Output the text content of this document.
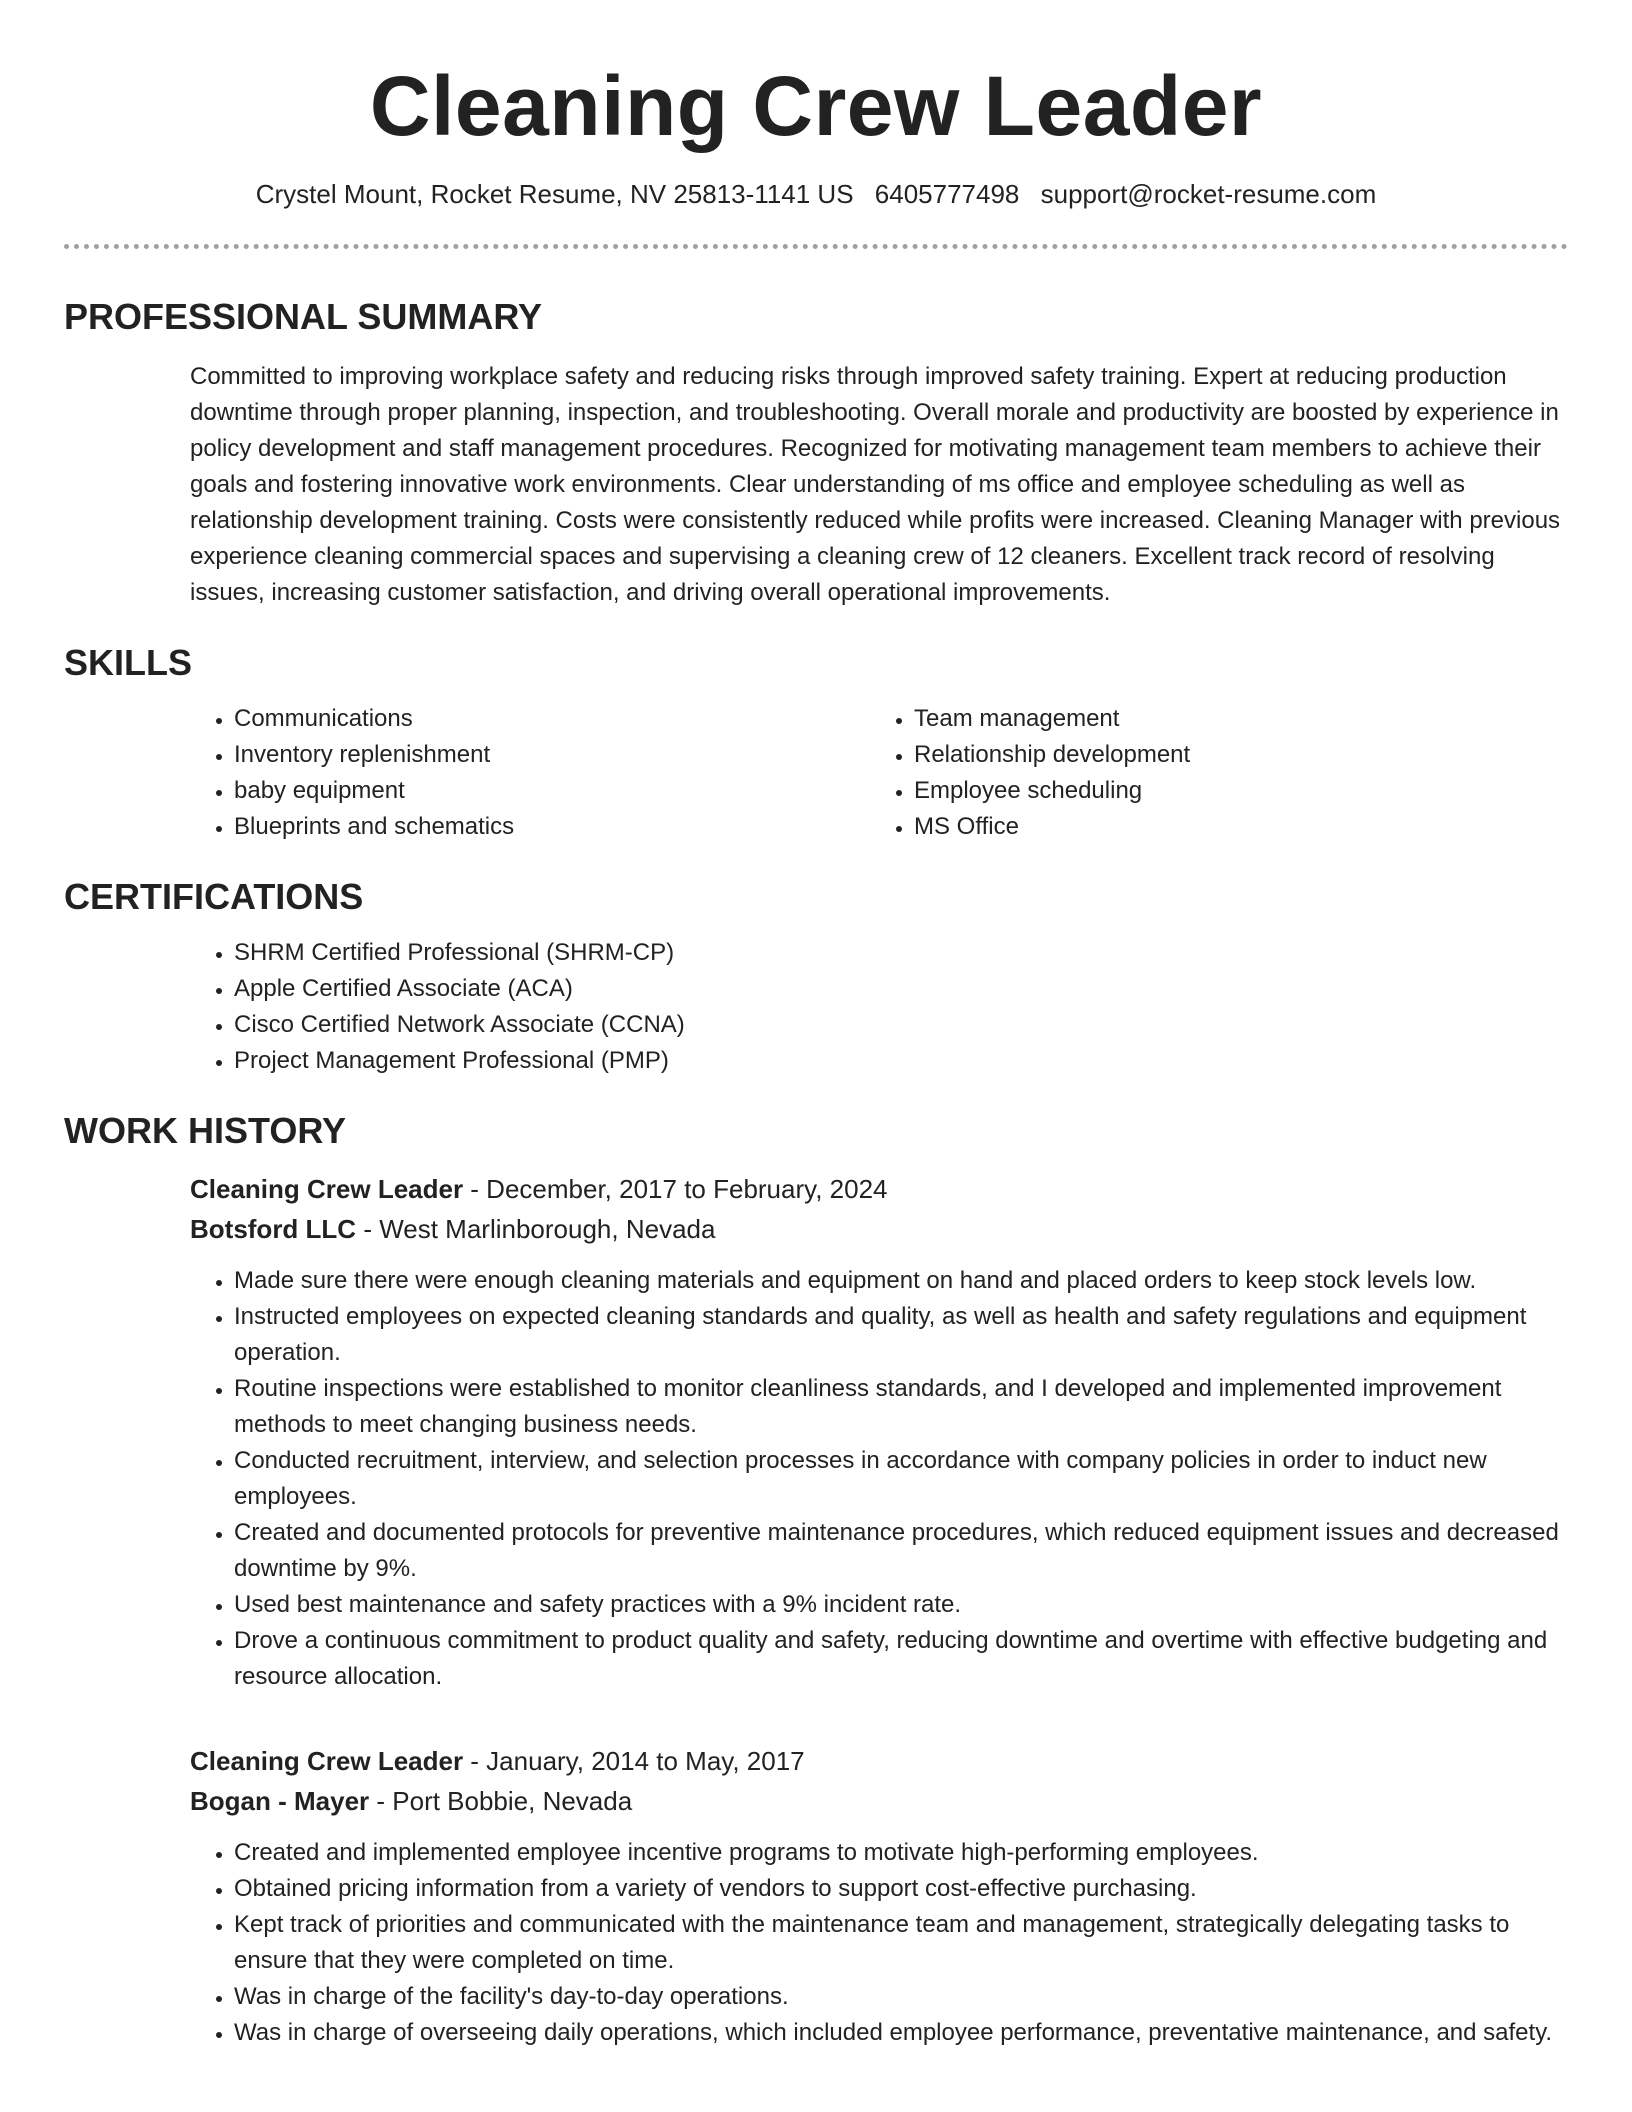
Cleaning Crew Leader
Crystel Mount, Rocket Resume, NV 25813-1141 US 6405777498 support@rocket-resume.com
PROFESSIONAL SUMMARY
Committed to improving workplace safety and reducing risks through improved safety training. Expert at reducing production downtime through proper planning, inspection, and troubleshooting. Overall morale and productivity are boosted by experience in policy development and staff management procedures. Recognized for motivating management team members to achieve their goals and fostering innovative work environments. Clear understanding of ms office and employee scheduling as well as relationship development training. Costs were consistently reduced while profits were increased. Cleaning Manager with previous experience cleaning commercial spaces and supervising a cleaning crew of 12 cleaners. Excellent track record of resolving issues, increasing customer satisfaction, and driving overall operational improvements.
SKILLS
• Communications
• Inventory replenishment
• baby equipment
• Blueprints and schematics
• Team management
• Relationship development
• Employee scheduling
• MS Office
CERTIFICATIONS
• SHRM Certified Professional (SHRM-CP)
• Apple Certified Associate (ACA)
• Cisco Certified Network Associate (CCNA)
• Project Management Professional (PMP)
WORK HISTORY
Cleaning Crew Leader - December, 2017 to February, 2024
Botsford LLC - West Marlinborough, Nevada
• Made sure there were enough cleaning materials and equipment on hand and placed orders to keep stock levels low.
• Instructed employees on expected cleaning standards and quality, as well as health and safety regulations and equipment operation.
• Routine inspections were established to monitor cleanliness standards, and I developed and implemented improvement methods to meet changing business needs.
• Conducted recruitment, interview, and selection processes in accordance with company policies in order to induct new employees.
• Created and documented protocols for preventive maintenance procedures, which reduced equipment issues and decreased downtime by 9%.
• Used best maintenance and safety practices with a 9% incident rate.
• Drove a continuous commitment to product quality and safety, reducing downtime and overtime with effective budgeting and resource allocation.
Cleaning Crew Leader - January, 2014 to May, 2017
Bogan - Mayer - Port Bobbie, Nevada
• Created and implemented employee incentive programs to motivate high-performing employees.
• Obtained pricing information from a variety of vendors to support cost-effective purchasing.
• Kept track of priorities and communicated with the maintenance team and management, strategically delegating tasks to ensure that they were completed on time.
• Was in charge of the facility's day-to-day operations.
• Was in charge of overseeing daily operations, which included employee performance, preventative maintenance, and safety.
